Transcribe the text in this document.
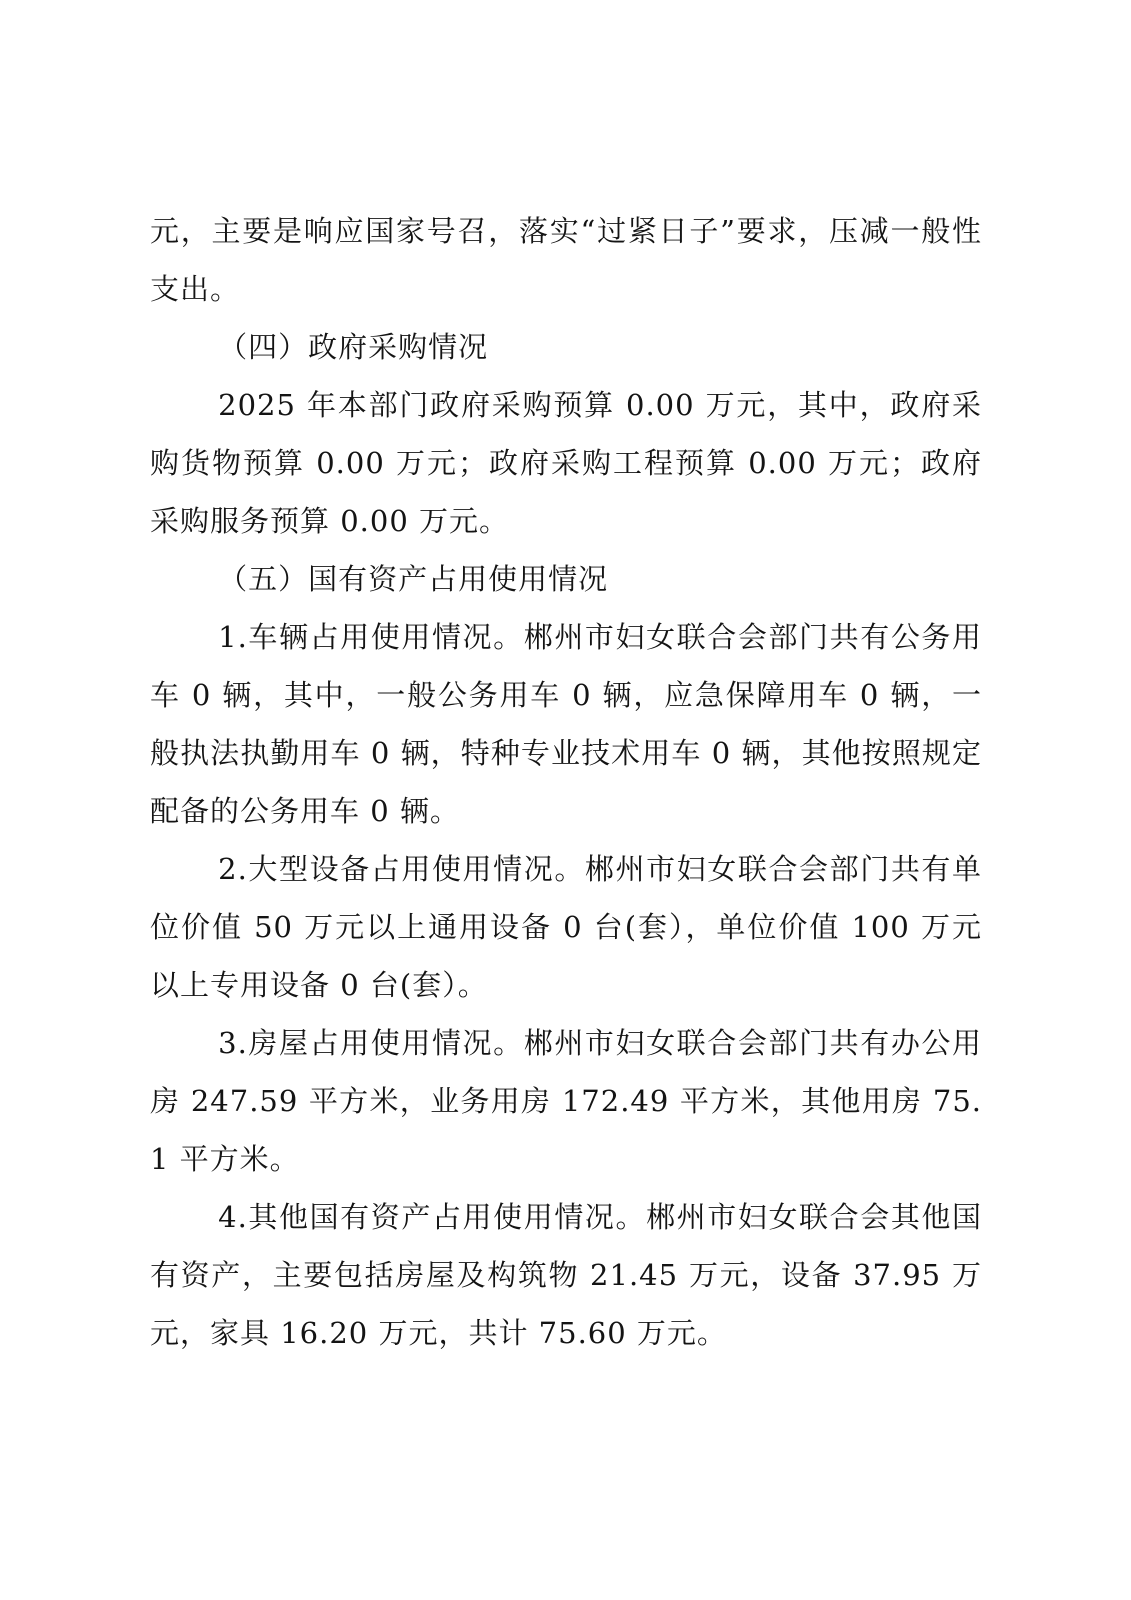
元，主要是响应国家号召，落实“过紧日子”要求，压减一般性支出。

（四）政府采购情况

2025 年本部门政府采购预算 0.00 万元，其中，政府采购货物预算 0.00 万元；政府采购工程预算 0.00 万元；政府采购服务预算 0.00 万元。

（五）国有资产占用使用情况

1.车辆占用使用情况。郴州市妇女联合会部门共有公务用车 0 辆，其中，一般公务用车 0 辆，应急保障用车 0 辆，一般执法执勤用车 0 辆，特种专业技术用车 0 辆，其他按照规定配备的公务用车 0 辆。

2.大型设备占用使用情况。郴州市妇女联合会部门共有单位价值 50 万元以上通用设备 0 台(套），单位价值 100 万元以上专用设备 0 台(套）。

3.房屋占用使用情况。郴州市妇女联合会部门共有办公用房 247.59 平方米，业务用房 172.49 平方米，其他用房 75.1 平方米。

4.其他国有资产占用使用情况。郴州市妇女联合会其他国有资产，主要包括房屋及构筑物 21.45 万元，设备 37.95 万元，家具 16.20 万元，共计 75.60 万元。
